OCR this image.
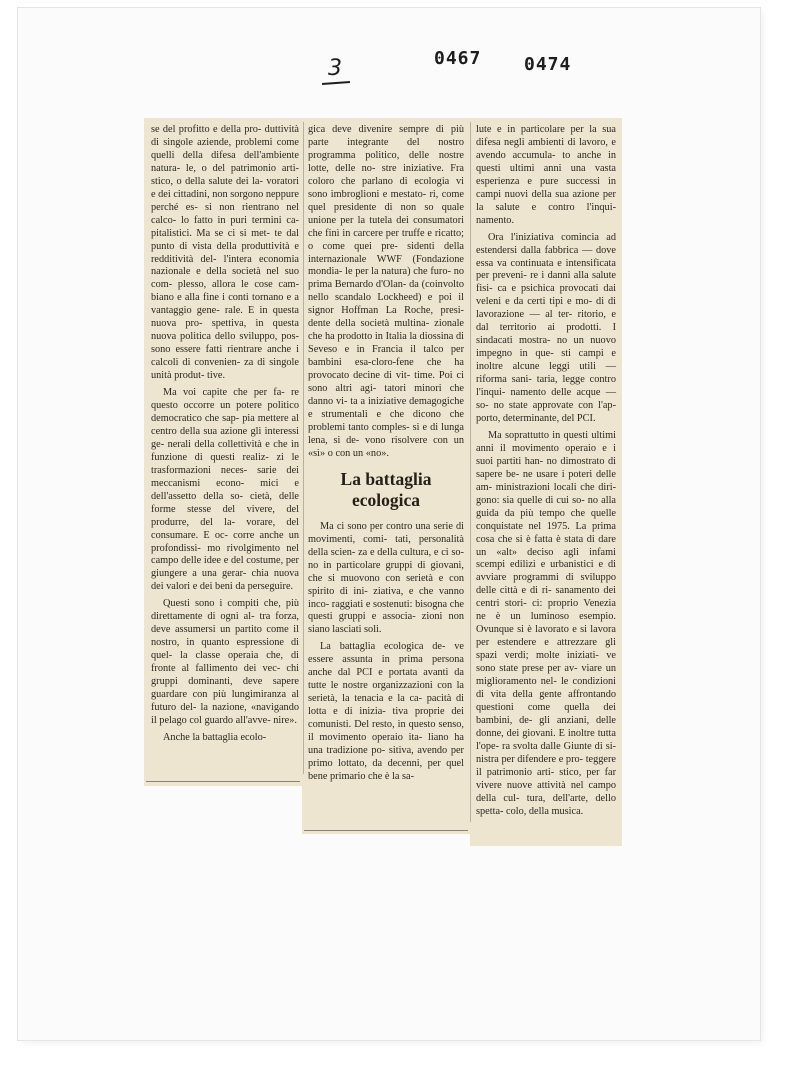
3	0467 0474

se del profitto e della pro- duttività di singole aziende, problemi come quelli della difesa dell'ambiente natura- le, o del patrimonio arti- stico, o della salute dei la- voratori e dei cittadini, non sorgono neppure perché es- si non rientrano nel calco- lo fatto in puri termini ca- pitalistici. Ma se ci si met- te dal punto di vista della produttività e redditività del- l'intera economia nazionale e della società nel suo com- plesso, allora le cose cam- biano e alla fine i conti tornano e a vantaggio gene- rale. E in questa nuova pro- spettiva, in questa nuova politica dello sviluppo, pos- sono essere fatti rientrare anche i calcoli di convenien- za di singole unità produt- tive.

Ma voi capite che per fa- re questo occorre un potere politico democratico che sap- pia mettere al centro della sua azione gli interessi ge- nerali della collettività e che in funzione di questi realiz- zi le trasformazioni neces- sarie dei meccanismi econo- mici e dell'assetto della so- cietà, delle forme stesse del vivere, del produrre, del la- vorare, del consumare. E oc- corre anche un profondissi- mo rivolgimento nel campo delle idee e del costume, per giungere a una gerar- chia nuova dei valori e dei beni da perseguire.

Questi sono i compiti che, più direttamente di ogni al- tra forza, deve assumersi un partito come il nostro, in quanto espressione di quel- la classe operaia che, di fronte al fallimento dei vec- chi gruppi dominanti, deve sapere guardare con più lungimiranza al futuro del- la nazione, «navigando il pelago col guardo all'avve- nire».

Anche la battaglia ecolo-

gica deve divenire sempre di più parte integrante del nostro programma politico, delle nostre lotte, delle no- stre iniziative. Fra coloro che parlano di ecologia vi sono imbroglioni e mestato- ri, come quel presidente di non so quale unione per la tutela dei consumatori che finì in carcere per truffe e ricatto; o come quei pre- sidenti della internazionale WWF (Fondazione mondia- le per la natura) che furo- no prima Bernardo d'Olan- da (coinvolto nello scandalo Lockheed) e poi il signor Hoffman La Roche, presi- dente della società multina- zionale che ha prodotto in Italia la diossina di Seveso e in Francia il talco per bambini esa-cloro-fene che ha provocato decine di vit- time. Poi ci sono altri agi- tatori minori che danno vi- ta a iniziative demagogiche e strumentali e che dicono che problemi tanto comples- si e di lunga lena, si de- vono risolvere con un «sì» o con un «no».

La battaglia ecologica

Ma ci sono per contro una serie di movimenti, comi- tati, personalità della scien- za e della cultura, e ci so- no in particolare gruppi di giovani, che si muovono con serietà e con spirito di ini- ziativa, e che vanno inco- raggiati e sostenuti: bisogna che questi gruppi e associa- zioni non siano lasciati soli.

La battaglia ecologica de- ve essere assunta in prima persona anche dal PCI e portata avanti da tutte le nostre organizzazioni con la serietà, la tenacia e la ca- pacità di lotta e di inizia- tiva proprie dei comunisti. Del resto, in questo senso, il movimento operaio ita- liano ha una tradizione po- sitiva, avendo per primo lottato, da decenni, per quel bene primario che è la sa-

lute e in particolare per la sua difesa negli ambienti di lavoro, e avendo accumula- to anche in questi ultimi anni una vasta esperienza e pure successi in campi nuovi della sua azione per la salute e contro l'inqui- namento.

Ora l'iniziativa comincia ad estendersi dalla fabbrica — dove essa va continuata e intensificata per preveni- re i danni alla salute fisi- ca e psichica provocati dai veleni e da certi tipi e mo- di di lavorazione — al ter- ritorio, e dal territorio ai prodotti. I sindacati mostra- no un nuovo impegno in que- sti campi e inoltre alcune leggi utili — riforma sani- taria, legge contro l'inqui- namento delle acque — so- no state approvate con l'ap- porto, determinante, del PCI.

Ma soprattutto in questi ultimi anni il movimento operaio e i suoi partiti han- no dimostrato di sapere be- ne usare i poteri delle am- ministrazioni locali che diri- gono: sia quelle di cui so- no alla guida da più tempo che quelle conquistate nel 1975. La prima cosa che si è fatta è stata di dare un «alt» deciso agli infami scempi edilizi e urbanistici e di avviare programmi di sviluppo delle città e di ri- sanamento dei centri stori- ci: proprio Venezia ne è un luminoso esempio. Ovunque si è lavorato e si lavora per estendere e attrezzare gli spazi verdi; molte iniziati- ve sono state prese per av- viare un miglioramento nel- le condizioni di vita della gente affrontando questioni come quella dei bambini, de- gli anziani, delle donne, dei giovani. E inoltre tutta l'ope- ra svolta dalle Giunte di si- nistra per difendere e pro- teggere il patrimonio arti- stico, per far vivere nuove attività nel campo della cul- tura, dell'arte, dello spetta- colo, della musica.
